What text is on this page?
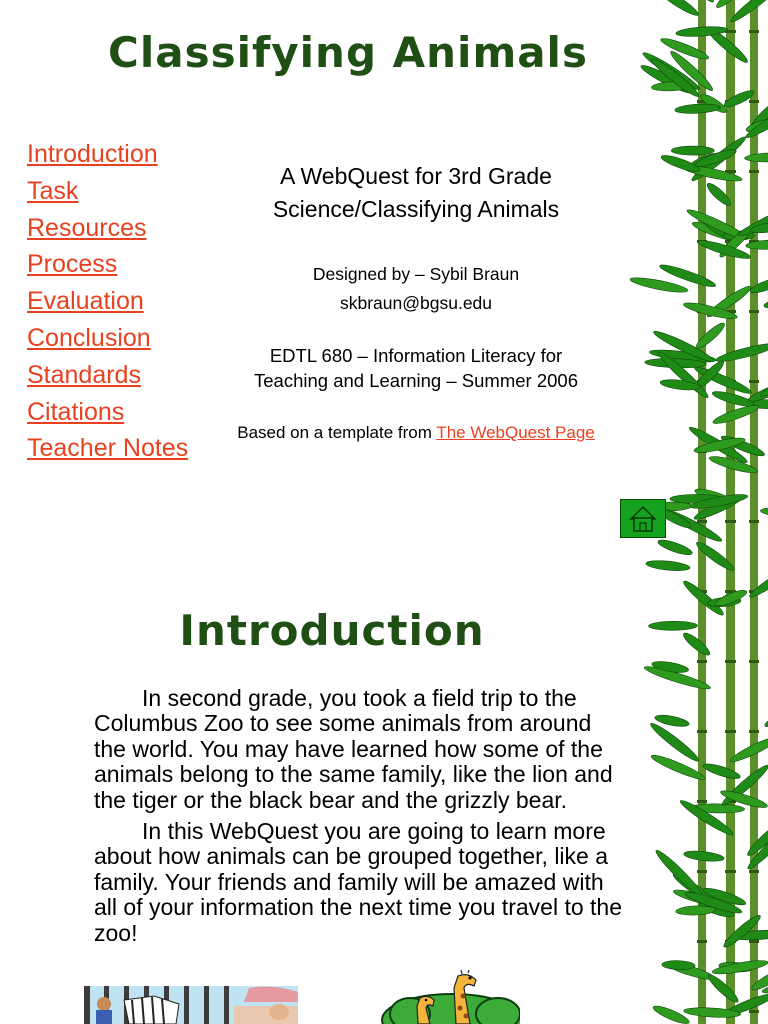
Classifying Animals
Introduction
Task
Resources
Process
Evaluation
Conclusion
Standards
Citations
Teacher Notes
A WebQuest for 3rd Grade
Science/Classifying Animals
Designed by – Sybil Braun
skbraun@bgsu.edu
EDTL 680 – Information Literacy for
Teaching and Learning – Summer 2006
Based on a template from The WebQuest Page
Introduction

In second grade, you took a field trip to the Columbus Zoo to see some animals from around the world. You may have learned how some of the animals belong to the same family, like the lion and the tiger or the black bear and the grizzly bear.

In this WebQuest you are going to learn more about how animals can be grouped together, like a family. Your friends and family will be amazed with all of your information the next time you travel to the zoo!
